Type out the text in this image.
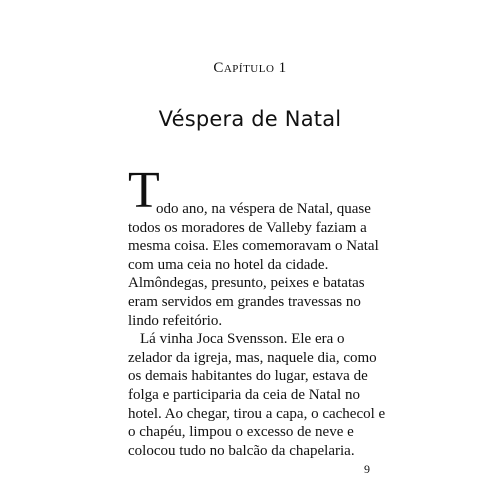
Capítulo 1
Véspera de Natal

T
odo ano, na véspera de Natal, quase
todos os moradores de Valleby faziam a
mesma coisa. Eles comemoravam o Natal
com uma ceia no hotel da cidade.
Almôndegas, presunto, peixes e batatas
eram servidos em grandes travessas no
lindo refeitório.

Lá vinha Joca Svensson. Ele era o
zelador da igreja, mas, naquele dia, como
os demais habitantes do lugar, estava de
folga e participaria da ceia de Natal no
hotel. Ao chegar, tirou a capa, o cachecol e
o chapéu, limpou o excesso de neve e
colocou tudo no balcão da chapelaria.

9
